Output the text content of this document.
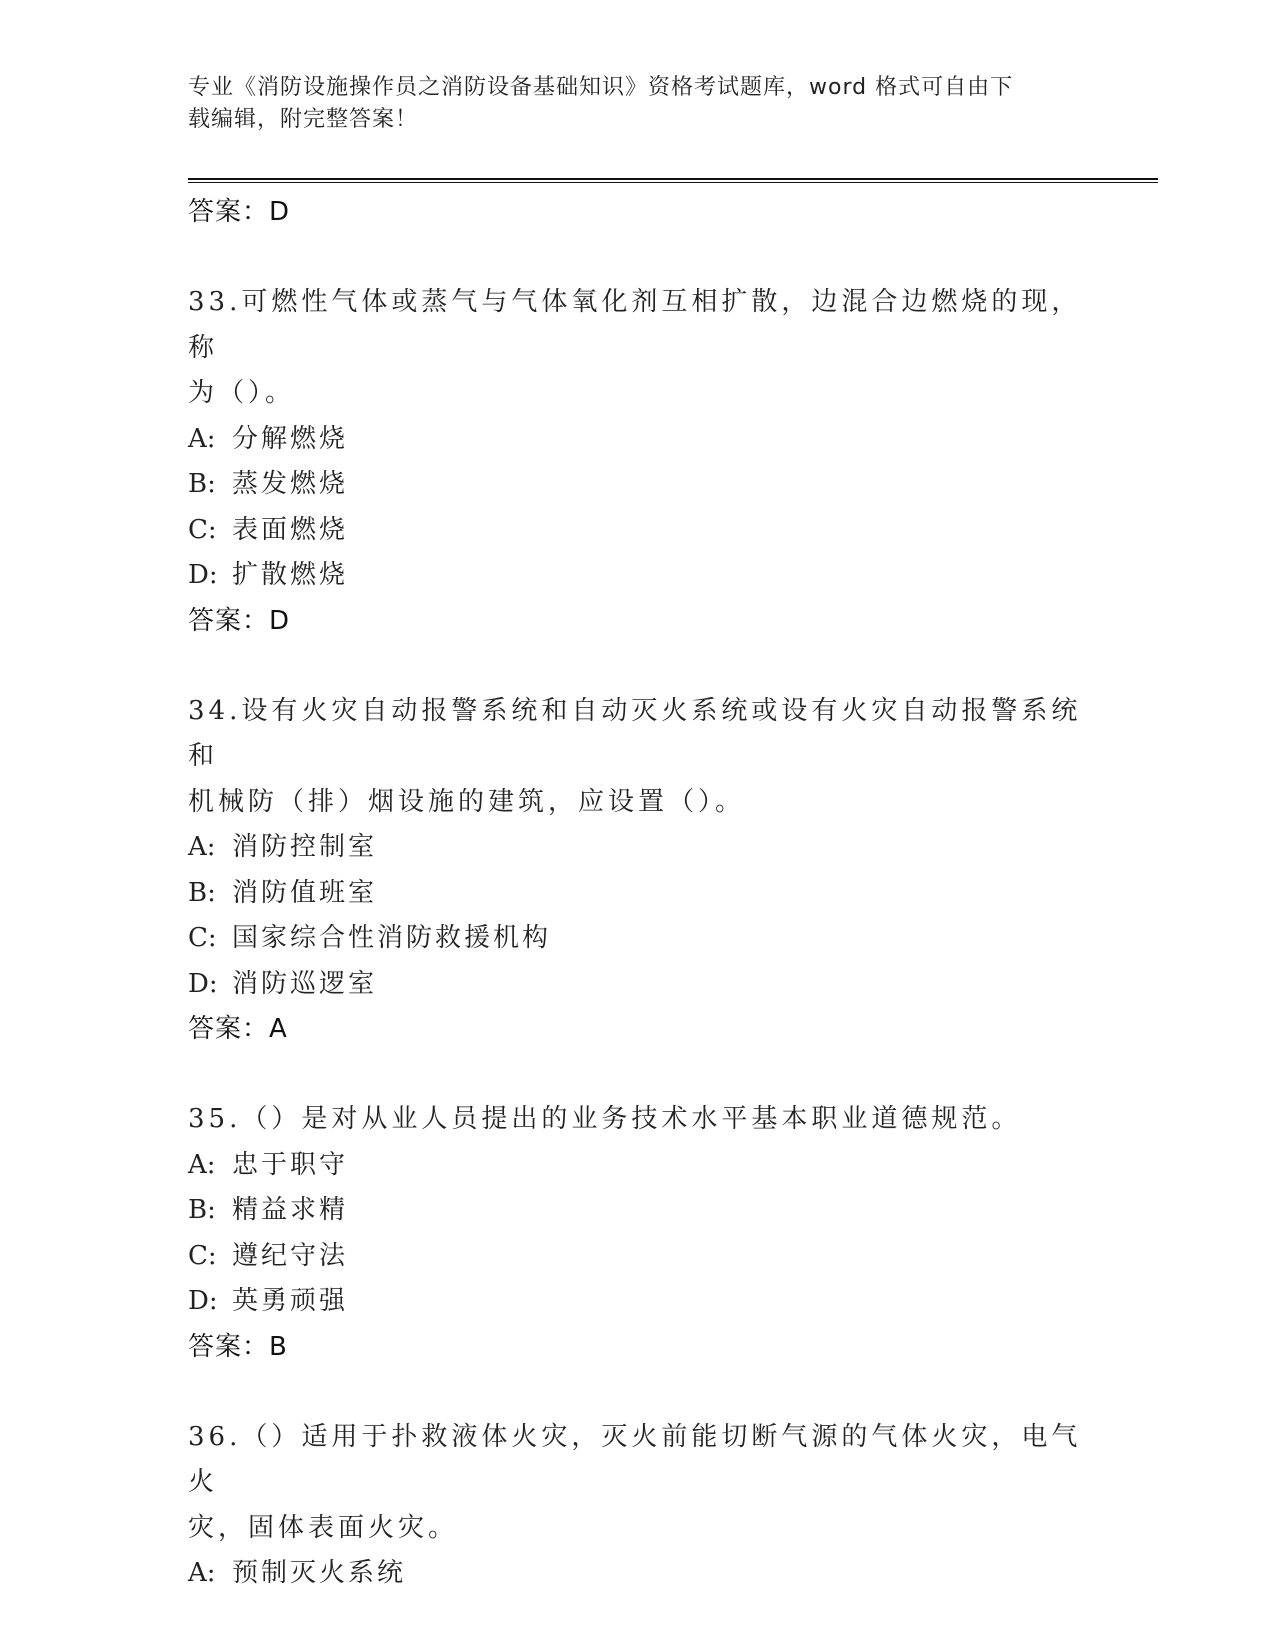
专业《消防设施操作员之消防设备基础知识》资格考试题库，word 格式可自由下
载编辑，附完整答案！
答案：D
33.可燃性气体或蒸气与气体氧化剂互相扩散，边混合边燃烧的现，称
为（）。
A: 分解燃烧
B: 蒸发燃烧
C: 表面燃烧
D: 扩散燃烧
答案：D
34.设有火灾自动报警系统和自动灭火系统或设有火灾自动报警系统和
机械防（排）烟设施的建筑，应设置（）。
A: 消防控制室
B: 消防值班室
C: 国家综合性消防救援机构
D: 消防巡逻室
答案：A
35.（）是对从业人员提出的业务技术水平基本职业道德规范。
A: 忠于职守
B: 精益求精
C: 遵纪守法
D: 英勇顽强
答案：B
36.（）适用于扑救液体火灾，灭火前能切断气源的气体火灾，电气火
灾，固体表面火灾。
A: 预制灭火系统
